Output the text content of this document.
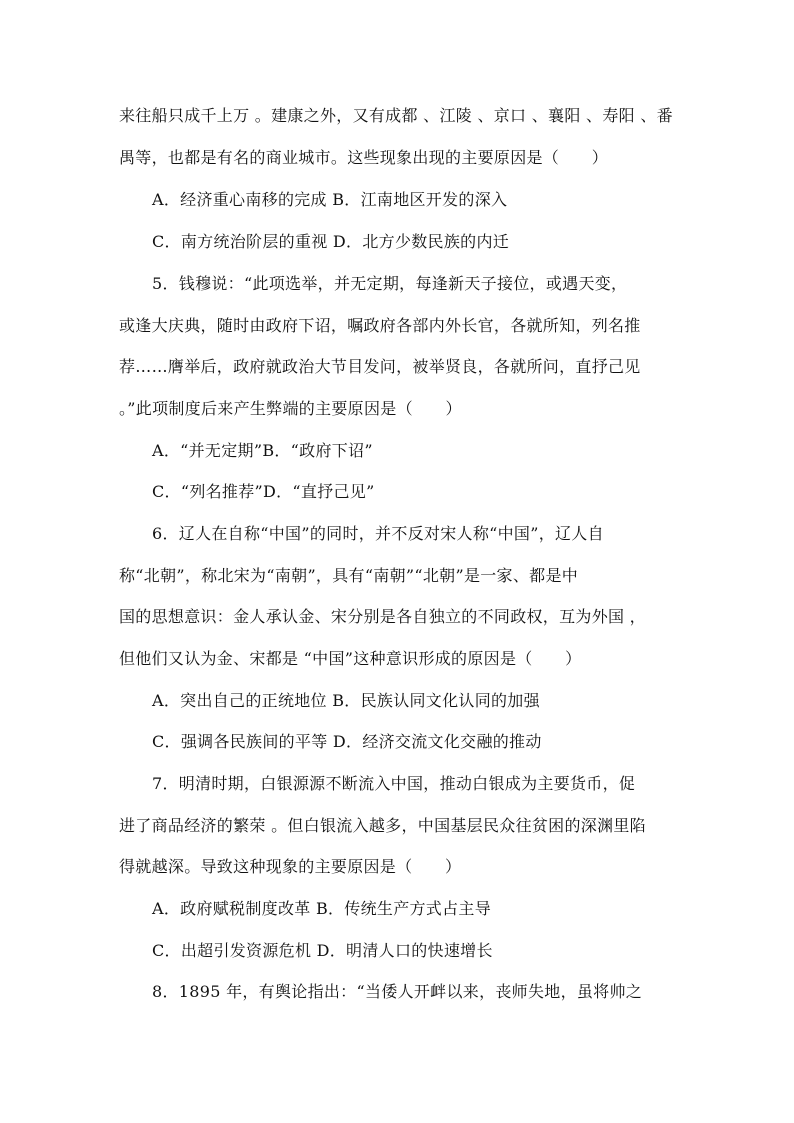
来往船只成千上万 。建康之外，又有成都 、江陵 、京口 、襄阳 、寿阳 、番
禺等，也都是有名的商业城市。这些现象出现的主要原因是（　　）
A．经济重心南移的完成 B．江南地区开发的深入
C．南方统治阶层的重视 D．北方少数民族的内迁
5．钱穆说：“此项选举，并无定期，每逢新天子接位，或遇天变，
或逢大庆典，随时由政府下诏，嘱政府各部内外长官，各就所知，列名推
荐……膺举后，政府就政治大节目发问，被举贤良，各就所问，直抒己见
。”此项制度后来产生弊端的主要原因是（　　）
A．“并无定期”B．“政府下诏”
C．“列名推荐”D．“直抒己见”
6．辽人在自称“中国”的同时，并不反对宋人称“中国”，辽人自
称“北朝”，称北宋为“南朝”，具有“南朝”“北朝”是一家、都是中
国的思想意识：金人承认金、宋分别是各自独立的不同政权，互为外国 ，
但他们又认为金、宋都是 “中国”这种意识形成的原因是（　　）
A．突出自己的正统地位 B．民族认同文化认同的加强
C．强调各民族间的平等 D．经济交流文化交融的推动
7．明清时期，白银源源不断流入中国，推动白银成为主要货币，促
进了商品经济的繁荣 。但白银流入越多，中国基层民众往贫困的深渊里陷
得就越深。导致这种现象的主要原因是（　　）
A．政府赋税制度改革 B．传统生产方式占主导
C．出超引发资源危机 D．明清人口的快速增长
8．1895 年，有舆论指出：“当倭人开衅以来，丧师失地，虽将帅之
